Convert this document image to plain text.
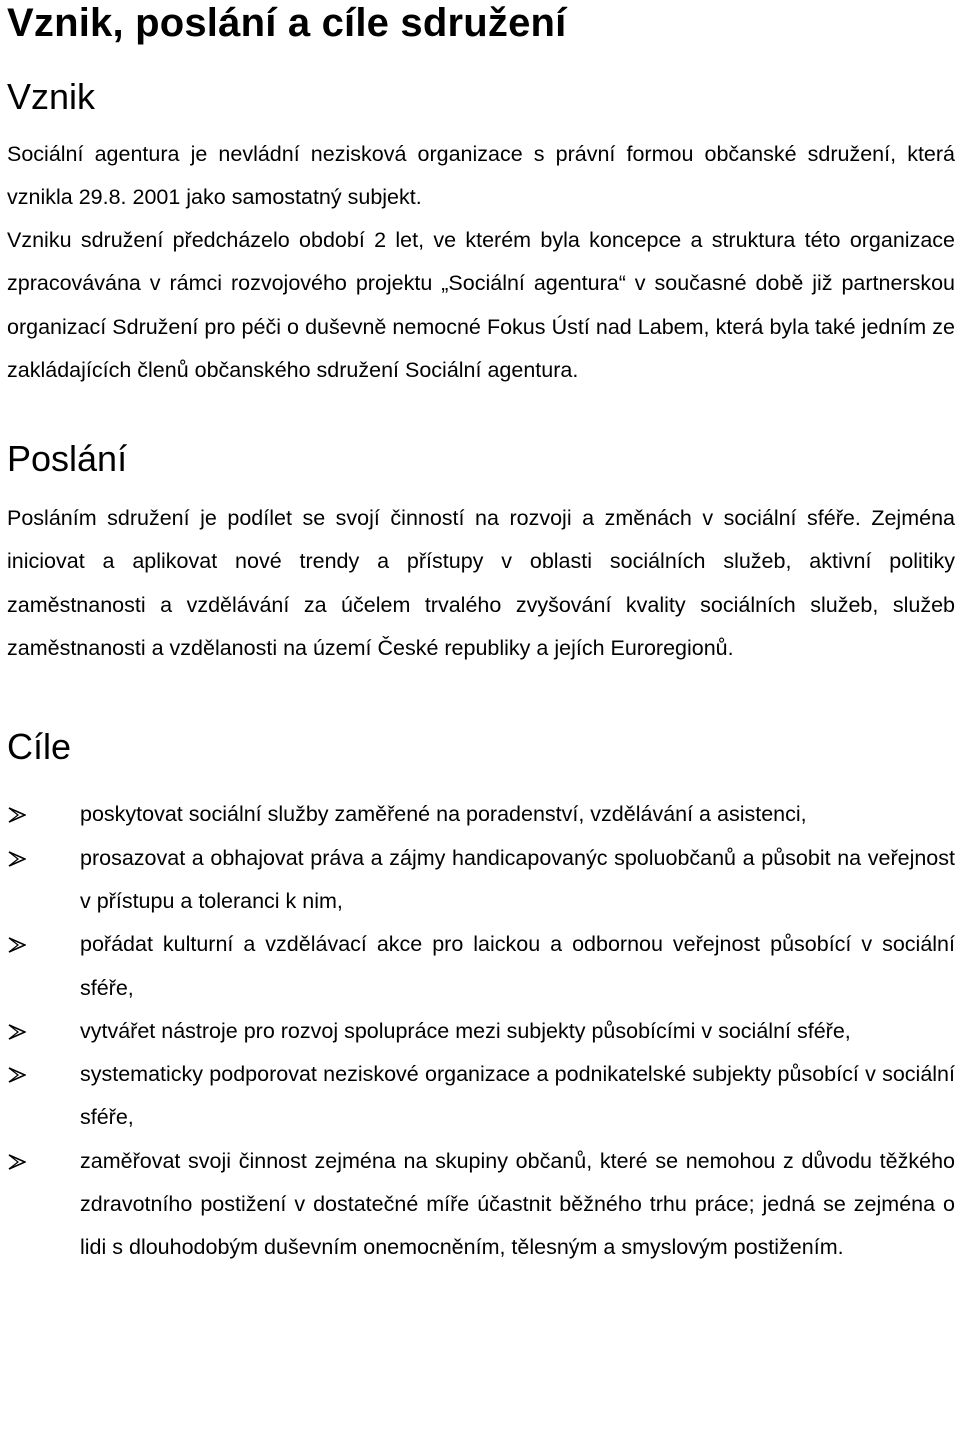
Vznik, poslání a cíle sdružení
Vznik

Sociální agentura je nevládní nezisková organizace s právní formou občanské sdružení, která vznikla 29.8. 2001 jako samostatný subjekt.

Vzniku sdružení předcházelo období 2 let, ve kterém byla koncepce a struktura této organizace zpracovávána v rámci rozvojového projektu „Sociální agentura“ v současné době již partnerskou organizací Sdružení pro péči o duševně nemocné Fokus Ústí nad Labem, která byla také jedním ze zakládajících členů občanského sdružení Sociální agentura.

Poslání

Posláním sdružení je podílet se svojí činností na rozvoji a změnách v sociální sféře. Zejména iniciovat a aplikovat nové trendy a přístupy v oblasti sociálních služeb, aktivní politiky zaměstnanosti a vzdělávání za účelem trvalého zvyšování kvality sociálních služeb, služeb zaměstnanosti a vzdělanosti na území České republiky a jejích Euroregionů.

Cíle
poskytovat sociální služby zaměřené na poradenství, vzdělávání a asistenci,
prosazovat a obhajovat práva a zájmy handicapovanýc spoluobčanů a působit na veřejnost v přístupu a toleranci k nim,
pořádat kulturní a vzdělávací akce pro laickou a odbornou veřejnost působící v sociální sféře,
vytvářet nástroje pro rozvoj spolupráce mezi subjekty působícími v sociální sféře,
systematicky podporovat neziskové organizace a podnikatelské subjekty působící v sociální sféře,
zaměřovat svoji činnost zejména na skupiny občanů, které se nemohou z důvodu těžkého zdravotního postižení v dostatečné míře účastnit běžného trhu práce; jedná se zejména o lidi s dlouhodobým duševním onemocněním, tělesným a smyslovým postižením.
